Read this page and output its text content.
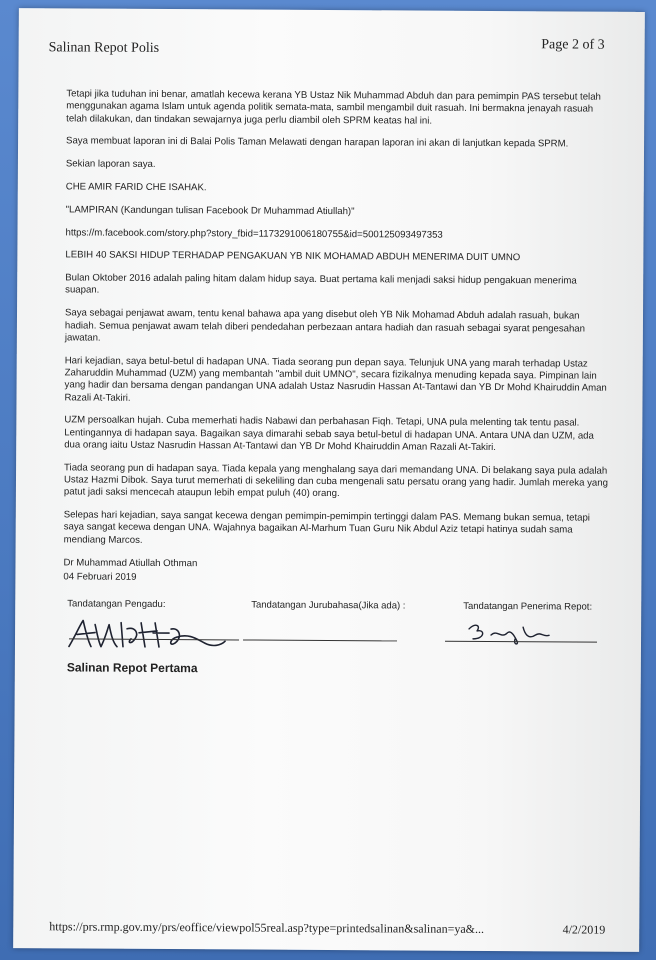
Salinan Repot Polis	Page 2 of 3

Tetapi jika tuduhan ini benar, amatlah kecewa kerana YB Ustaz Nik Muhammad Abduh dan para pemimpin PAS tersebut telah menggunakan agama Islam untuk agenda politik semata-mata, sambil mengambil duit rasuah. Ini bermakna jenayah rasuah telah dilakukan, dan tindakan sewajarnya juga perlu diambil oleh SPRM keatas hal ini.

Saya membuat laporan ini di Balai Polis Taman Melawati dengan harapan laporan ini akan di lanjutkan kepada SPRM.

Sekian laporan saya.

CHE AMIR FARID CHE ISAHAK.

"LAMPIRAN (Kandungan tulisan Facebook Dr Muhammad Atiullah)"

https://m.facebook.com/story.php?story_fbid=1173291006180755&id=500125093497353

LEBIH 40 SAKSI HIDUP TERHADAP PENGAKUAN YB NIK MOHAMAD ABDUH MENERIMA DUIT UMNO

Bulan Oktober 2016 adalah paling hitam dalam hidup saya. Buat pertama kali menjadi saksi hidup pengakuan menerima suapan.

Saya sebagai penjawat awam, tentu kenal bahawa apa yang disebut oleh YB Nik Mohamad Abduh adalah rasuah, bukan hadiah. Semua penjawat awam telah diberi pendedahan perbezaan antara hadiah dan rasuah sebagai syarat pengesahan jawatan.

Hari kejadian, saya betul-betul di hadapan UNA. Tiada seorang pun depan saya. Telunjuk UNA yang marah terhadap Ustaz Zaharuddin Muhammad (UZM) yang membantah "ambil duit UMNO", secara fizikalnya menuding kepada saya. Pimpinan lain yang hadir dan bersama dengan pandangan UNA adalah Ustaz Nasrudin Hassan At-Tantawi dan YB Dr Mohd Khairuddin Aman Razali At-Takiri.

UZM persoalkan hujah. Cuba memerhati hadis Nabawi dan perbahasan Fiqh. Tetapi, UNA pula melenting tak tentu pasal. Lentingannya di hadapan saya. Bagaikan saya dimarahi sebab saya betul-betul di hadapan UNA. Antara UNA dan UZM, ada dua orang iaitu Ustaz Nasrudin Hassan At-Tantawi dan YB Dr Mohd Khairuddin Aman Razali At-Takiri.

Tiada seorang pun di hadapan saya. Tiada kepala yang menghalang saya dari memandang UNA. Di belakang saya pula adalah Ustaz Hazmi Dibok. Saya turut memerhati di sekeliling dan cuba mengenali satu persatu orang yang hadir. Jumlah mereka yang patut jadi saksi mencecah ataupun lebih empat puluh (40) orang.

Selepas hari kejadian, saya sangat kecewa dengan pemimpin-pemimpin tertinggi dalam PAS. Memang bukan semua, tetapi saya sangat kecewa dengan UNA. Wajahnya bagaikan Al-Marhum Tuan Guru Nik Abdul Aziz tetapi hatinya sudah sama mendiang Marcos.

Dr Muhammad Atiullah Othman

04 Februari 2019

Tandatangan Pengadu:	Tandatangan Jurubahasa(Jika ada) :	Tandatangan Penerima Repot:
Salinan Repot Pertama
https://prs.rmp.gov.my/prs/eoffice/viewpol55real.asp?type=printedsalinan&salinan=ya&...	4/2/2019
